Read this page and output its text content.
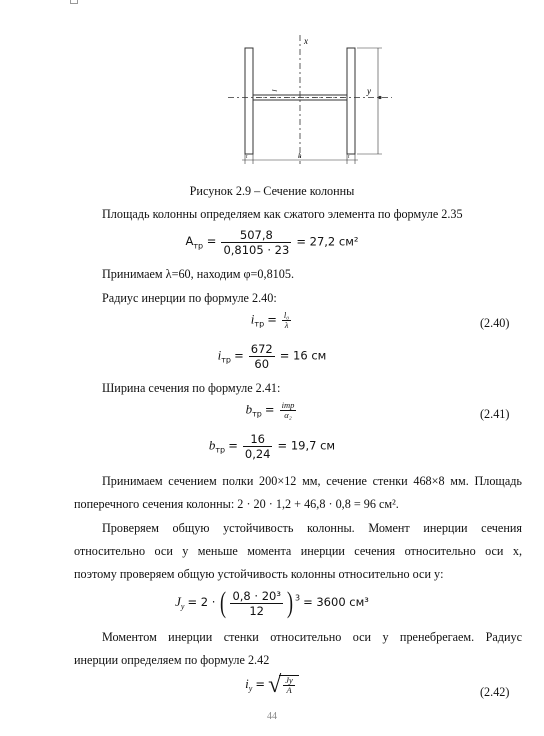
x
y
h
t	t
Рисунок 2.9 – Сечение колонны
Площадь колонны определяем как сжатого элемента по формуле 2.35
$A_{тр} = \frac{507,8}{0,8105 \cdot 23} = 27,2$ см²
Принимаем λ=60, находим φ=0,8105.
Радиус инерции по формуле 2.40:
$i_{тр} = \frac{\text{l₀}}{\lambda}$	(2.40)
$i_{тр} = \frac{672}{60} = 16$ см
Ширина сечения по формуле 2.41:
$b_{тр} = \frac{\text{iтр}}{\text{α₂}}$	(2.41)
$b_{тр} = \frac{16}{0,24} = 19,7$ см
Принимаем сечением полки 200×12 мм, сечение стенки 468×8 мм. Площадь
поперечного сечения колонны: 2 · 20 · 1,2 + 46,8 · 0,8 = 96 см².
Проверяем общую устойчивость колонны. Момент инерции сечения
относительно оси y меньше момента инерции сечения относительно оси x,
поэтому проверяем общую устойчивость колонны относительно оси y:
$J_y = 2$ · ( $\frac{\text{0,8 · 20³}}{12}$ ) $^3$ = 3600 см³
Моментом инерции стенки относительно оси y пренебрегаем. Радиус
инерции определяем по формуле 2.42
$i_y$ = √ $\frac{Jy}{A}$	(2.42)
44
